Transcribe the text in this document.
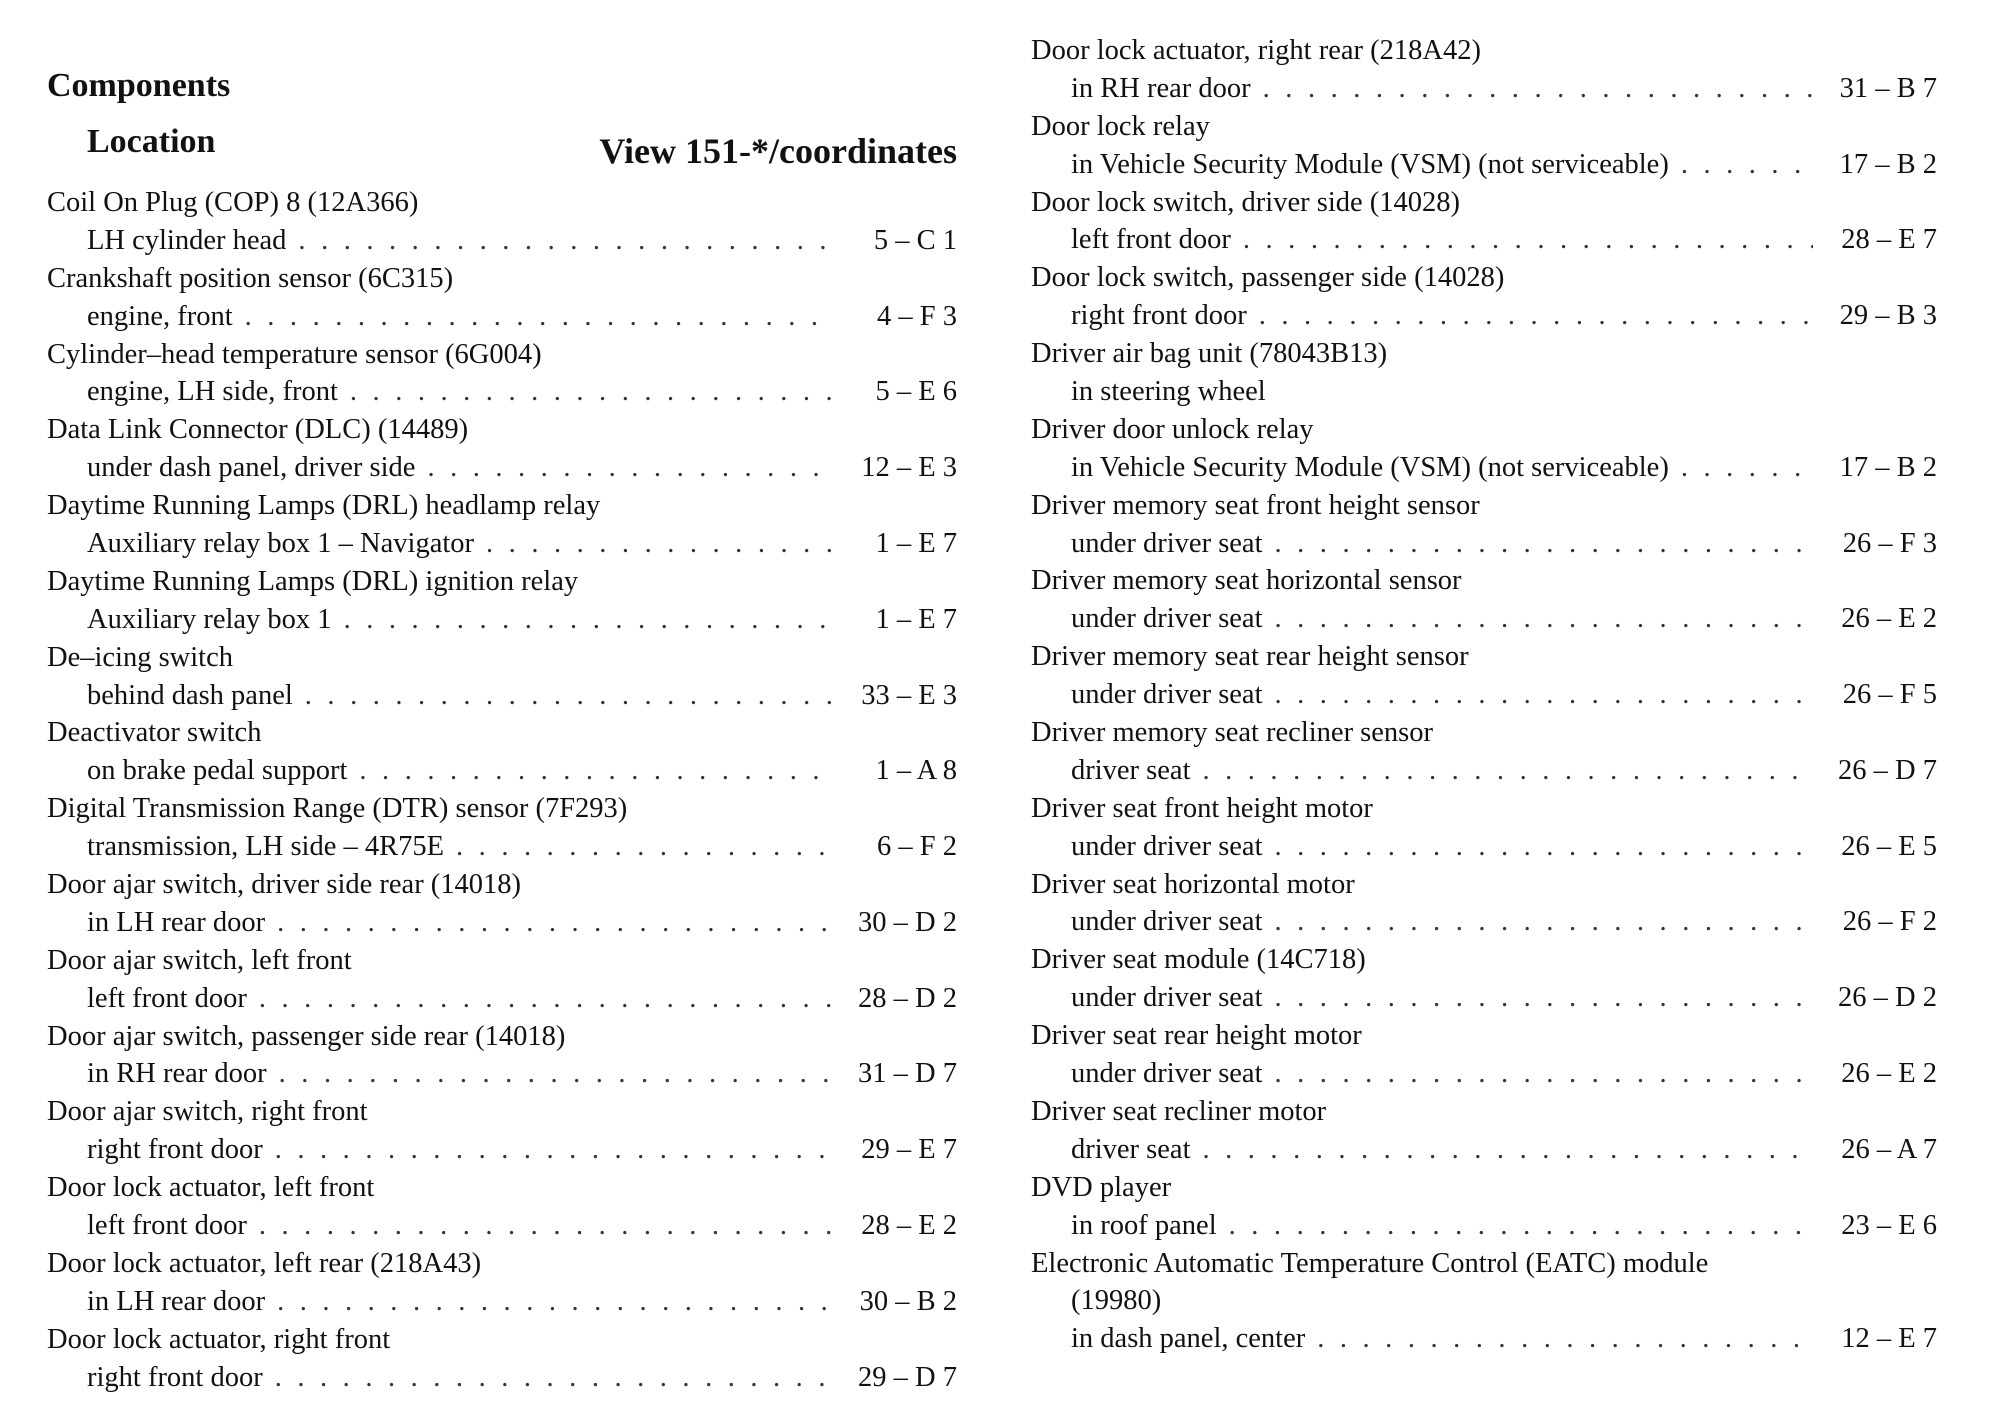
Components
Location	View 151-*/coordinates
Coil On Plug (COP) 8 (12A366)
LH cylinder head . . .	5 – C 1
Crankshaft position sensor (6C315)
engine, front . . .	4 – F 3
Cylinder–head temperature sensor (6G004)
engine, LH side, front . . .	5 – E 6
Data Link Connector (DLC) (14489)
under dash panel, driver side . . .	12 – E 3
Daytime Running Lamps (DRL) headlamp relay
Auxiliary relay box 1 – Navigator . . .	1 – E 7
Daytime Running Lamps (DRL) ignition relay
Auxiliary relay box 1 . . .	1 – E 7
De–icing switch
behind dash panel . . .	33 – E 3
Deactivator switch
on brake pedal support . . .	1 – A 8
Digital Transmission Range (DTR) sensor (7F293)
transmission, LH side – 4R75E . . .	6 – F 2
Door ajar switch, driver side rear (14018)
in LH rear door . . .	30 – D 2
Door ajar switch, left front
left front door . . .	28 – D 2
Door ajar switch, passenger side rear (14018)
in RH rear door . . .	31 – D 7
Door ajar switch, right front
right front door . . .	29 – E 7
Door lock actuator, left front
left front door . . .	28 – E 2
Door lock actuator, left rear (218A43)
in LH rear door . . .	30 – B 2
Door lock actuator, right front
right front door . . .	29 – D 7
Door lock actuator, right rear (218A42)
in RH rear door . . .	31 – B 7
Door lock relay
in Vehicle Security Module (VSM) (not serviceable) . . .	17 – B 2
Door lock switch, driver side (14028)
left front door . . .	28 – E 7
Door lock switch, passenger side (14028)
right front door . . .	29 – B 3
Driver air bag unit (78043B13)
in steering wheel
Driver door unlock relay
in Vehicle Security Module (VSM) (not serviceable) . . .	17 – B 2
Driver memory seat front height sensor
under driver seat . . .	26 – F 3
Driver memory seat horizontal sensor
under driver seat . . .	26 – E 2
Driver memory seat rear height sensor
under driver seat . . .	26 – F 5
Driver memory seat recliner sensor
driver seat . . .	26 – D 7
Driver seat front height motor
under driver seat . . .	26 – E 5
Driver seat horizontal motor
under driver seat . . .	26 – F 2
Driver seat module (14C718)
under driver seat . . .	26 – D 2
Driver seat rear height motor
under driver seat . . .	26 – E 2
Driver seat recliner motor
driver seat . . .	26 – A 7
DVD player
in roof panel . . .	23 – E 6
Electronic Automatic Temperature Control (EATC) module
(19980)
in dash panel, center . . .	12 – E 7
